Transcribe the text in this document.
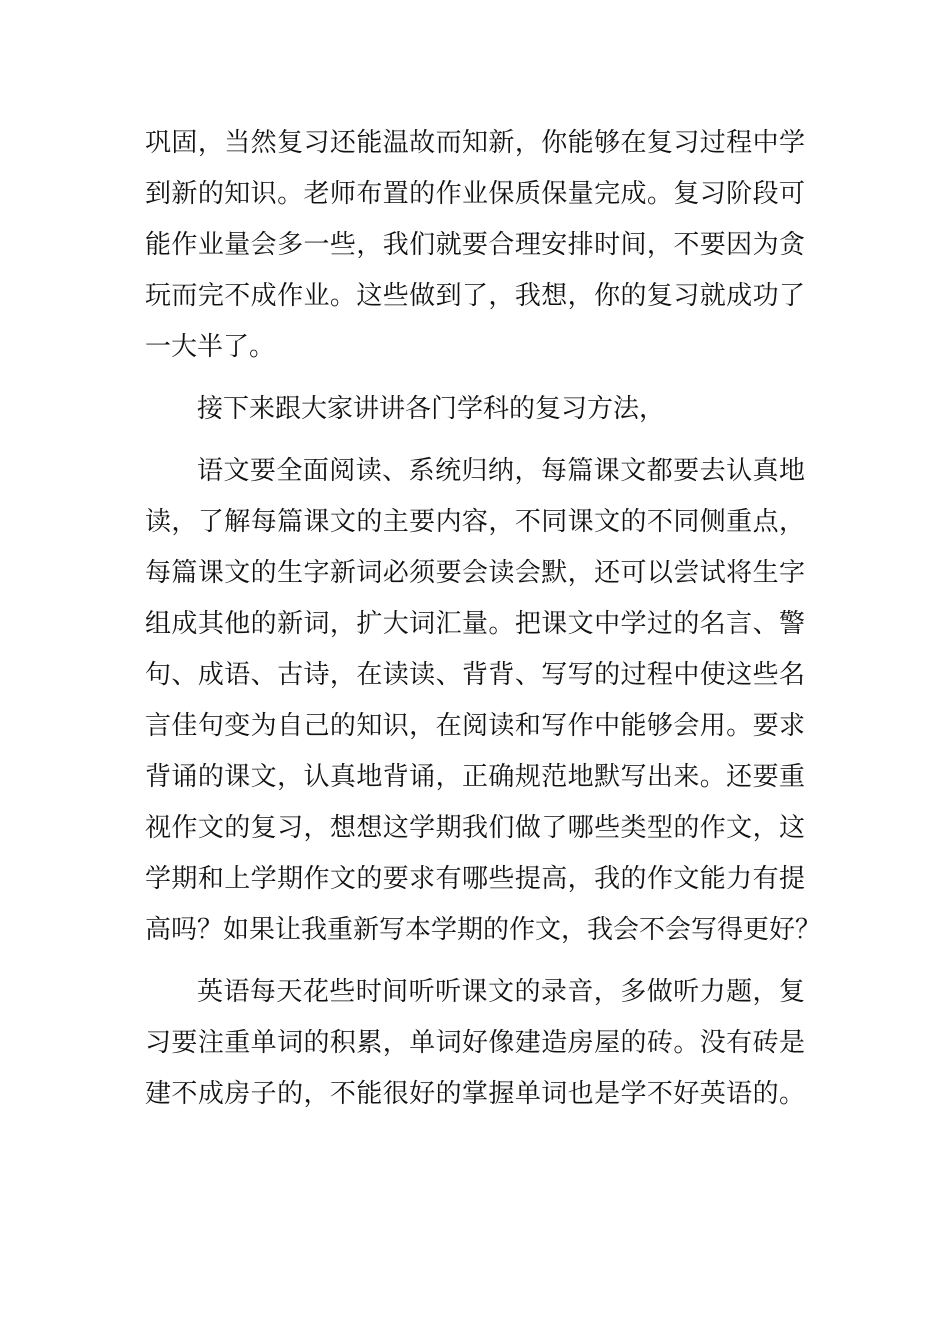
巩固，当然复习还能温故而知新，你能够在复习过程中学
到新的知识。老师布置的作业保质保量完成。复习阶段可
能作业量会多一些，我们就要合理安排时间，不要因为贪
玩而完不成作业。这些做到了，我想，你的复习就成功了
一大半了。
接下来跟大家讲讲各门学科的复习方法，
语文要全面阅读、系统归纳，每篇课文都要去认真地
读，了解每篇课文的主要内容，不同课文的不同侧重点，
每篇课文的生字新词必须要会读会默，还可以尝试将生字
组成其他的新词，扩大词汇量。把课文中学过的名言、警
句、成语、古诗，在读读、背背、写写的过程中使这些名
言佳句变为自己的知识，在阅读和写作中能够会用。要求
背诵的课文，认真地背诵，正确规范地默写出来。还要重
视作文的复习，想想这学期我们做了哪些类型的作文，这
学期和上学期作文的要求有哪些提高，我的作文能力有提
高吗？如果让我重新写本学期的作文，我会不会写得更好？
英语每天花些时间听听课文的录音，多做听力题，复
习要注重单词的积累，单词好像建造房屋的砖。没有砖是
建不成房子的，不能很好的掌握单词也是学不好英语的。
